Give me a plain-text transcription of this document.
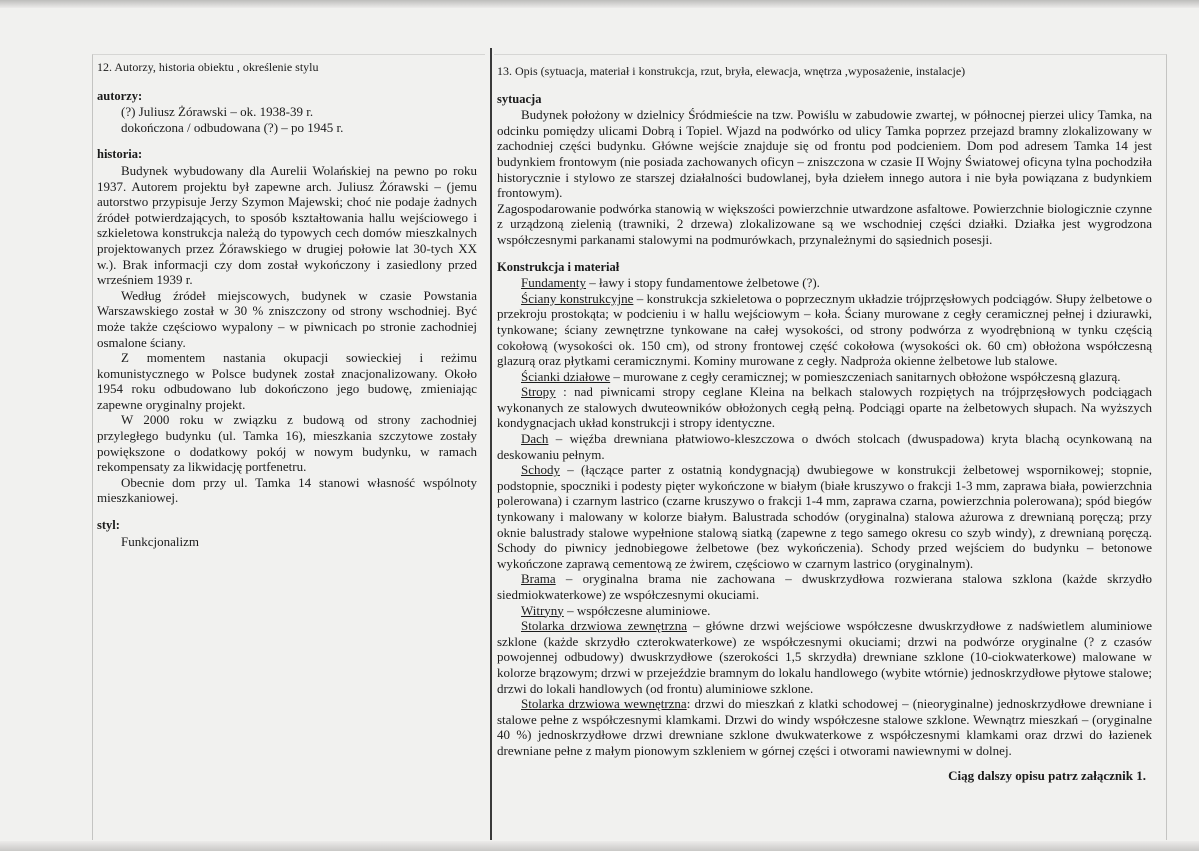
12. Autorzy, historia obiektu , określenie stylu

autorzy:

(?) Juliusz Żórawski – ok. 1938-39 r.

dokończona / odbudowana (?) – po 1945 r.

historia:

Budynek wybudowany dla Aurelii Wolańskiej na pewno po roku 1937. Autorem projektu był zapewne arch. Juliusz Żórawski – (jemu autorstwo przypisuje Jerzy Szymon Majewski; choć nie podaje żadnych źródeł potwierdzających, to sposób kształtowania hallu wejściowego i szkieletowa konstrukcja należą do typowych cech domów mieszkalnych projektowanych przez Żórawskiego w drugiej połowie lat 30-tych XX w.). Brak informacji czy dom został wykończony i zasiedlony przed wrześniem 1939 r.

Według źródeł miejscowych, budynek w czasie Powstania Warszawskiego został w 30 % zniszczony od strony wschodniej. Być może także częściowo wypalony – w piwnicach po stronie zachodniej osmalone ściany.

Z momentem nastania okupacji sowieckiej i reżimu komunistycznego w Polsce budynek został znacjonalizowany. Około 1954 roku odbudowano lub dokończono jego budowę, zmieniając zapewne oryginalny projekt.

W 2000 roku w związku z budową od strony zachodniej przyległego budynku (ul. Tamka 16), mieszkania szczytowe zostały powiększone o dodatkowy pokój w nowym budynku, w ramach rekompensaty za likwidację portfenetru.

Obecnie dom przy ul. Tamka 14 stanowi własność wspólnoty mieszkaniowej.

styl:

Funkcjonalizm

13. Opis (sytuacja, materiał i konstrukcja, rzut, bryła, elewacja, wnętrza ,wyposażenie, instalacje)

sytuacja

Budynek położony w dzielnicy Śródmieście na tzw. Powiślu w zabudowie zwartej, w północnej pierzei ulicy Tamka, na odcinku pomiędzy ulicami Dobrą i Topiel. Wjazd na podwórko od ulicy Tamka poprzez przejazd bramny zlokalizowany w zachodniej części budynku. Główne wejście znajduje się od frontu pod podcieniem. Dom pod adresem Tamka 14 jest budynkiem frontowym (nie posiada zachowanych oficyn – zniszczona w czasie II Wojny Światowej oficyna tylna pochodziła historycznie i stylowo ze starszej działalności budowlanej, była dziełem innego autora i nie była powiązana z budynkiem frontowym).

Zagospodarowanie podwórka stanowią w większości powierzchnie utwardzone asfaltowe. Powierzchnie biologicznie czynne z urządzoną zielenią (trawniki, 2 drzewa) zlokalizowane są we wschodniej części działki. Działka jest wygrodzona współczesnymi parkanami stalowymi na podmurówkach, przynależnymi do sąsiednich posesji.

Konstrukcja i materiał

Fundamenty – ławy i stopy fundamentowe żelbetowe (?).

Ściany konstrukcyjne – konstrukcja szkieletowa o poprzecznym układzie trójprzęsłowych podciągów. Słupy żelbetowe o przekroju prostokąta; w podcieniu i w hallu wejściowym – koła. Ściany murowane z cegły ceramicznej pełnej i dziurawki, tynkowane; ściany zewnętrzne tynkowane na całej wysokości, od strony podwórza z wyodrębnioną w tynku częścią cokołową (wysokości ok. 150 cm), od strony frontowej część cokołowa (wysokości ok. 60 cm) obłożona współczesną glazurą oraz płytkami ceramicznymi. Kominy murowane z cegły. Nadproża okienne żelbetowe lub stalowe.

Ścianki działowe – murowane z cegły ceramicznej; w pomieszczeniach sanitarnych obłożone współczesną glazurą.

Stropy : nad piwnicami stropy ceglane Kleina na belkach stalowych rozpiętych na trójprzęsłowych podciągach wykonanych ze stalowych dwuteowników obłożonych cegłą pełną. Podciągi oparte na żelbetowych słupach. Na wyższych kondygnacjach układ konstrukcji i stropy identyczne.

Dach – więźba drewniana płatwiowo-kleszczowa o dwóch stolcach (dwuspadowa) kryta blachą ocynkowaną na deskowaniu pełnym.

Schody – (łączące parter z ostatnią kondygnacją) dwubiegowe w konstrukcji żelbetowej wspornikowej; stopnie, podstopnie, spoczniki i podesty pięter wykończone w białym (białe kruszywo o frakcji 1-3 mm, zaprawa biała, powierzchnia polerowana) i czarnym lastrico (czarne kruszywo o frakcji 1-4 mm, zaprawa czarna, powierzchnia polerowana); spód biegów tynkowany i malowany w kolorze białym. Balustrada schodów (oryginalna) stalowa ażurowa z drewnianą poręczą; przy oknie balustrady stalowe wypełnione stalową siatką (zapewne z tego samego okresu co szyb windy), z drewnianą poręczą. Schody do piwnicy jednobiegowe żelbetowe (bez wykończenia). Schody przed wejściem do budynku – betonowe wykończone zaprawą cementową ze żwirem, częściowo w czarnym lastrico (oryginalnym).

Brama – oryginalna brama nie zachowana – dwuskrzydłowa rozwierana stalowa szklona (każde skrzydło siedmiokwaterkowe) ze współczesnymi okuciami.

Witryny – współczesne aluminiowe.

Stolarka drzwiowa zewnętrzna – główne drzwi wejściowe współczesne dwuskrzydłowe z nadświetlem aluminiowe szklone (każde skrzydło czterokwaterkowe) ze współczesnymi okuciami; drzwi na podwórze oryginalne (? z czasów powojennej odbudowy) dwuskrzydłowe (szerokości 1,5 skrzydła) drewniane szklone (10-ciokwaterkowe) malowane w kolorze brązowym; drzwi w przejeździe bramnym do lokalu handlowego (wybite wtórnie) jednoskrzydłowe płytowe stalowe; drzwi do lokali handlowych (od frontu) aluminiowe szklone.

Stolarka drzwiowa wewnętrzna: drzwi do mieszkań z klatki schodowej – (nieoryginalne) jednoskrzydłowe drewniane i stalowe pełne z współczesnymi klamkami. Drzwi do windy współczesne stalowe szklone. Wewnątrz mieszkań – (oryginalne 40 %) jednoskrzydłowe drzwi drewniane szklone dwukwaterkowe z współczesnymi klamkami oraz drzwi do łazienek drewniane pełne z małym pionowym szkleniem w górnej części i otworami nawiewnymi w dolnej.

Ciąg dalszy opisu patrz załącznik 1.
